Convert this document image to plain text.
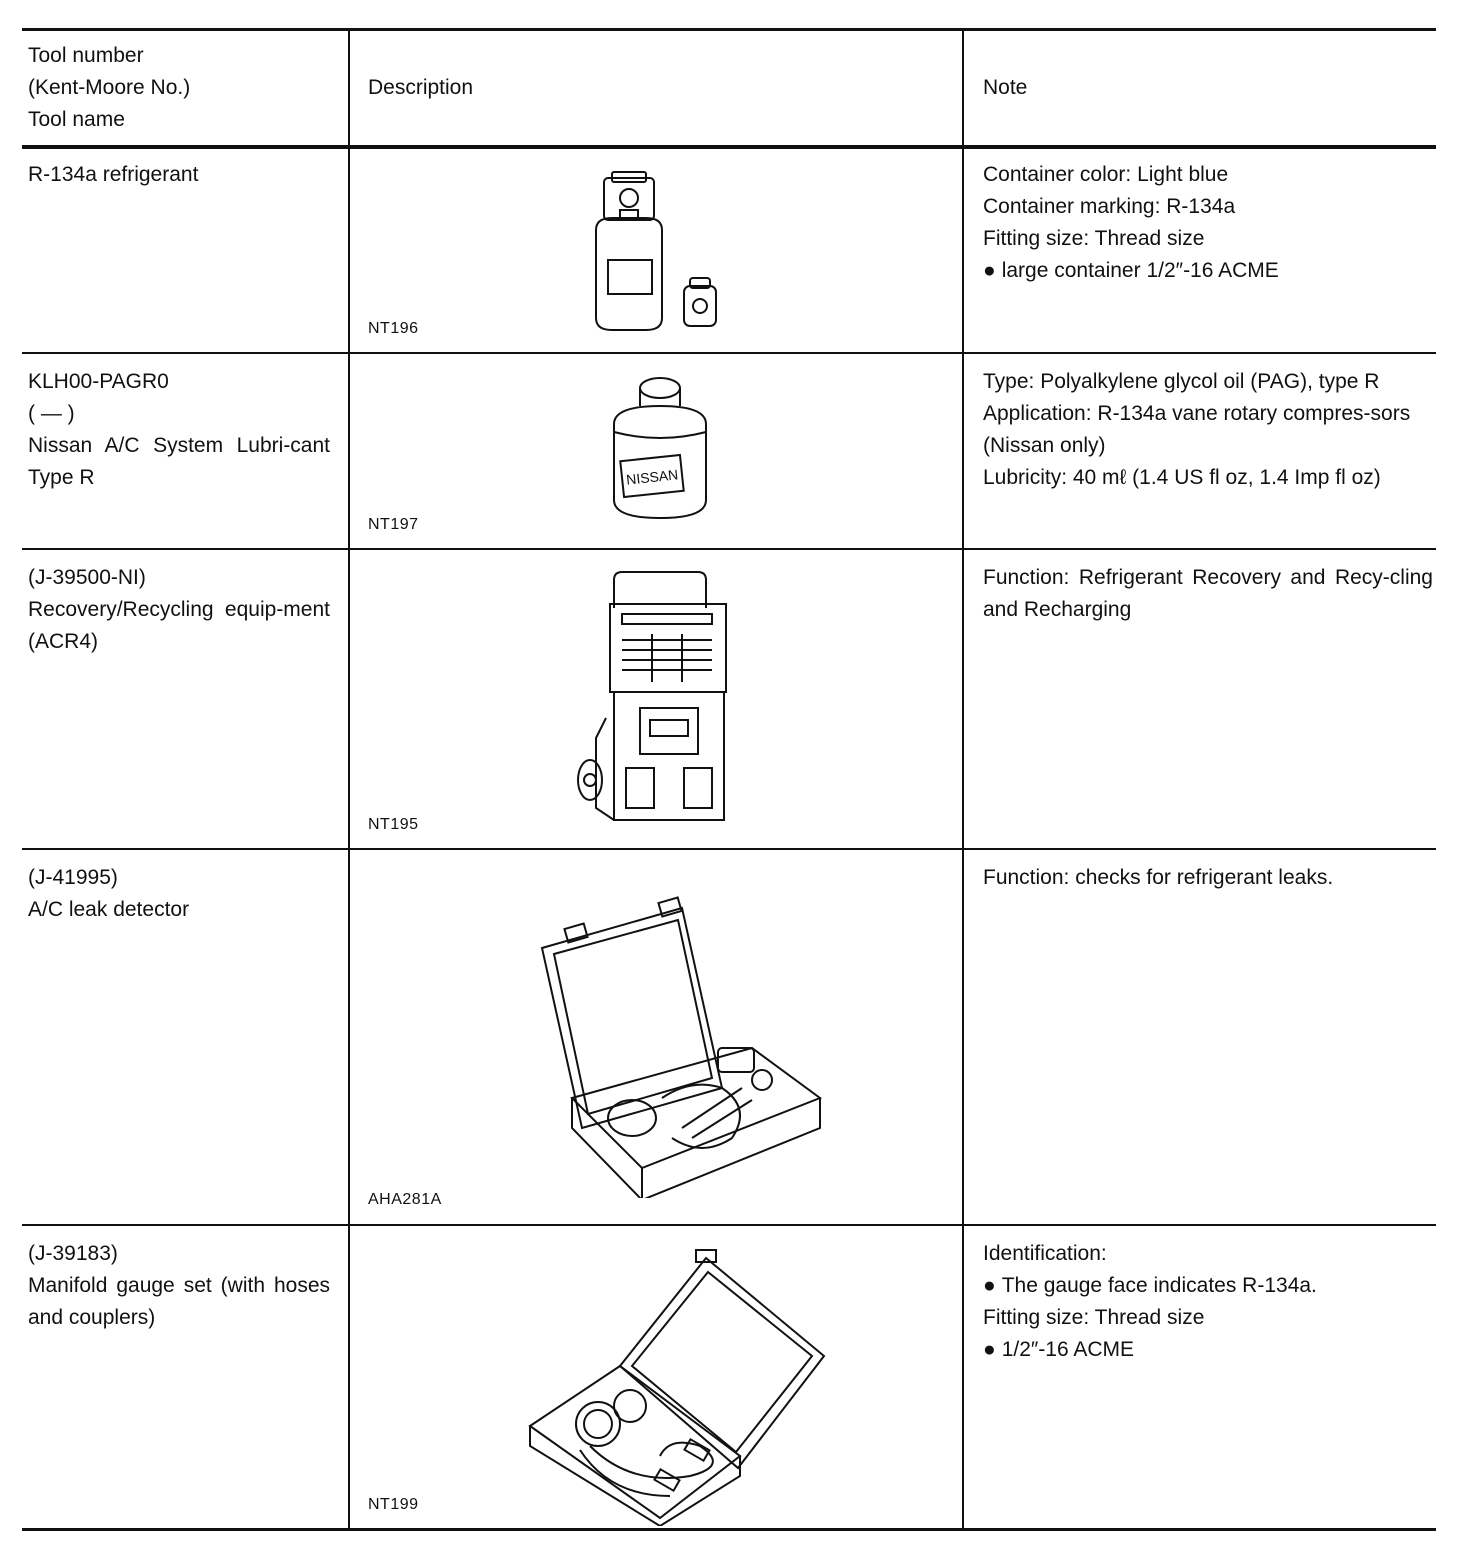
Tool number
(Kent-Moore No.)
Tool name
Description	Note
R-134a refrigerant
NT196
Container color: Light blue
Container marking: R-134a
Fitting size: Thread size
● large container 1/2″-16 ACME
KLH00-PAGR0
( — )
Nissan A/C System Lubri-cant Type R
NT197
NISSAN
Type: Polyalkylene glycol oil (PAG), type R
Application: R-134a vane rotary compres-sors (Nissan only)
Lubricity: 40 mℓ (1.4 US fl oz, 1.4 Imp fl oz)
(J-39500-NI)
Recovery/Recycling equip-ment (ACR4)
NT195
Function: Refrigerant Recovery and Recy-cling and Recharging
(J-41995)
A/C leak detector
AHA281A
Function: checks for refrigerant leaks.
(J-39183)
Manifold gauge set (with hoses and couplers)
NT199
Identification:
● The gauge face indicates R-134a.
Fitting size: Thread size
● 1/2″-16 ACME
